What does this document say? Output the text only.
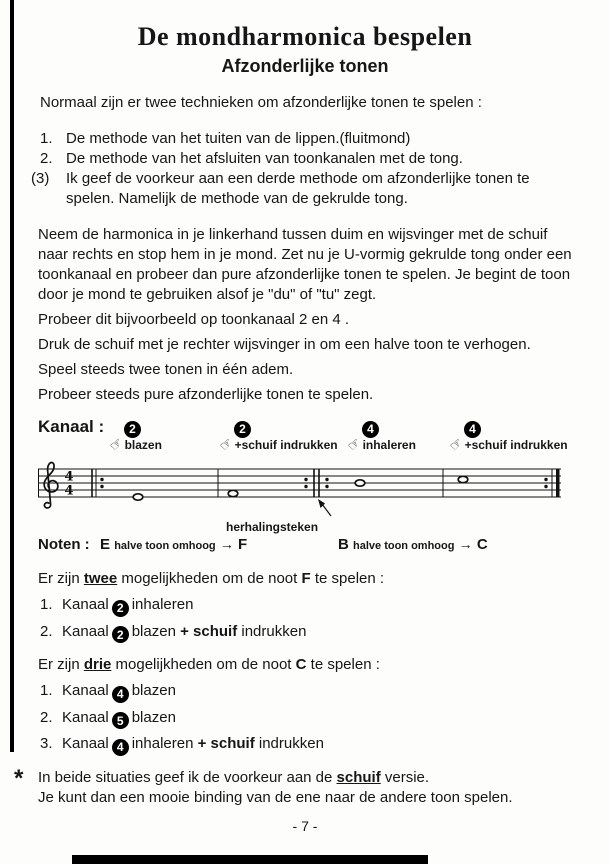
De mondharmonica bespelen
Afzonderlijke tonen

Normaal zijn er twee technieken om afzonderlijke tonen te spelen :

1. De methode van het tuiten van de lippen.(fluitmond)
2. De methode van het afsluiten van toonkanalen met de tong.
(3)	Ik geef de voorkeur aan een derde methode om afzonderlijke tonen te spelen. Namelijk de methode van de gekrulde tong.

Neem de harmonica in je linkerhand tussen duim en wijsvinger met de schuif naar rechts en stop hem in je mond. Zet nu je U-vormig gekrulde tong onder een toonkanaal en probeer dan pure afzonderlijke tonen te spelen. Je begint de toon door je mond te gebruiken alsof je "du" of "tu" zegt.

Probeer dit bijvoorbeeld op toonkanaal 2 en 4 .

Druk de schuif met je rechter wijsvinger in om een halve toon te verhogen.

Speel steeds twee tonen in één adem.

Probeer steeds pure afzonderlijke tonen te spelen.

Kanaal :	2
☞blazen
2
☞+schuif indrukken
4
☞inhaleren
4
☞+schuif indrukken
4
4
herhalingsteken
Noten : E halve toon omhoog → F	B halve toon omhoog → C

Er zijn twee mogelijkheden om de noot F te spelen :

1. Kanaal 2 inhaleren
2. Kanaal 2 blazen + schuif indrukken

Er zijn drie mogelijkheden om de noot C te spelen :

1. Kanaal 4 blazen
2. Kanaal 5 blazen
3. Kanaal 4 inhaleren + schuif indrukken
* In beide situaties geef ik de voorkeur aan de schuif versie.

Je kunt dan een mooie binding van de ene naar de andere toon spelen.

- 7 -
